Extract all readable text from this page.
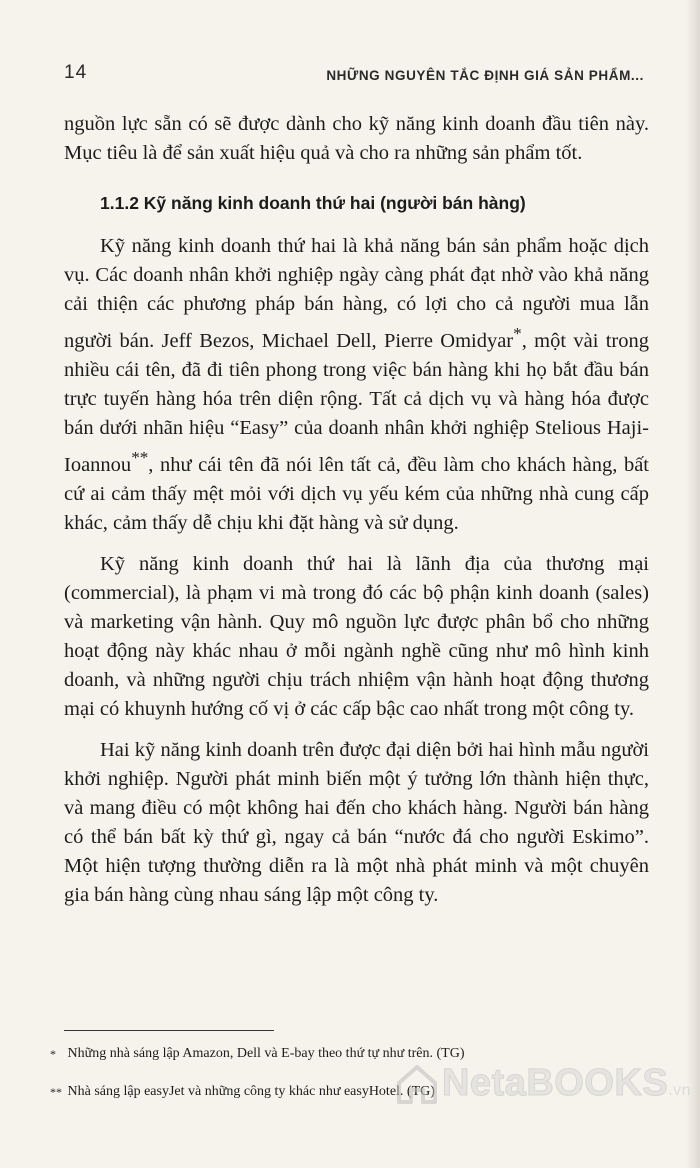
14	NHỮNG NGUYÊN TẮC ĐỊNH GIÁ SẢN PHẨM...

nguồn lực sẵn có sẽ được dành cho kỹ năng kinh doanh đầu tiên này. Mục tiêu là để sản xuất hiệu quả và cho ra những sản phẩm tốt.

1.1.2 Kỹ năng kinh doanh thứ hai (người bán hàng)

Kỹ năng kinh doanh thứ hai là khả năng bán sản phẩm hoặc dịch vụ. Các doanh nhân khởi nghiệp ngày càng phát đạt nhờ vào khả năng cải thiện các phương pháp bán hàng, có lợi cho cả người mua lẫn người bán. Jeff Bezos, Michael Dell, Pierre Omidyar*, một vài trong nhiều cái tên, đã đi tiên phong trong việc bán hàng khi họ bắt đầu bán trực tuyến hàng hóa trên diện rộng. Tất cả dịch vụ và hàng hóa được bán dưới nhãn hiệu “Easy” của doanh nhân khởi nghiệp Stelious Haji-Ioannou**, như cái tên đã nói lên tất cả, đều làm cho khách hàng, bất cứ ai cảm thấy mệt mỏi với dịch vụ yếu kém của những nhà cung cấp khác, cảm thấy dễ chịu khi đặt hàng và sử dụng.

Kỹ năng kinh doanh thứ hai là lãnh địa của thương mại (commercial), là phạm vi mà trong đó các bộ phận kinh doanh (sales) và marketing vận hành. Quy mô nguồn lực được phân bổ cho những hoạt động này khác nhau ở mỗi ngành nghề cũng như mô hình kinh doanh, và những người chịu trách nhiệm vận hành hoạt động thương mại có khuynh hướng cố vị ở các cấp bậc cao nhất trong một công ty.

Hai kỹ năng kinh doanh trên được đại diện bởi hai hình mẫu người khởi nghiệp. Người phát minh biến một ý tưởng lớn thành hiện thực, và mang điều có một không hai đến cho khách hàng. Người bán hàng có thể bán bất kỳ thứ gì, ngay cả bán “nước đá cho người Eskimo”. Một hiện tượng thường diễn ra là một nhà phát minh và một chuyên gia bán hàng cùng nhau sáng lập một công ty.

* Những nhà sáng lập Amazon, Dell và E-bay theo thứ tự như trên. (TG)
** Nhà sáng lập easyJet và những công ty khác như easyHotel. (TG) NetaBOOKS.vn
